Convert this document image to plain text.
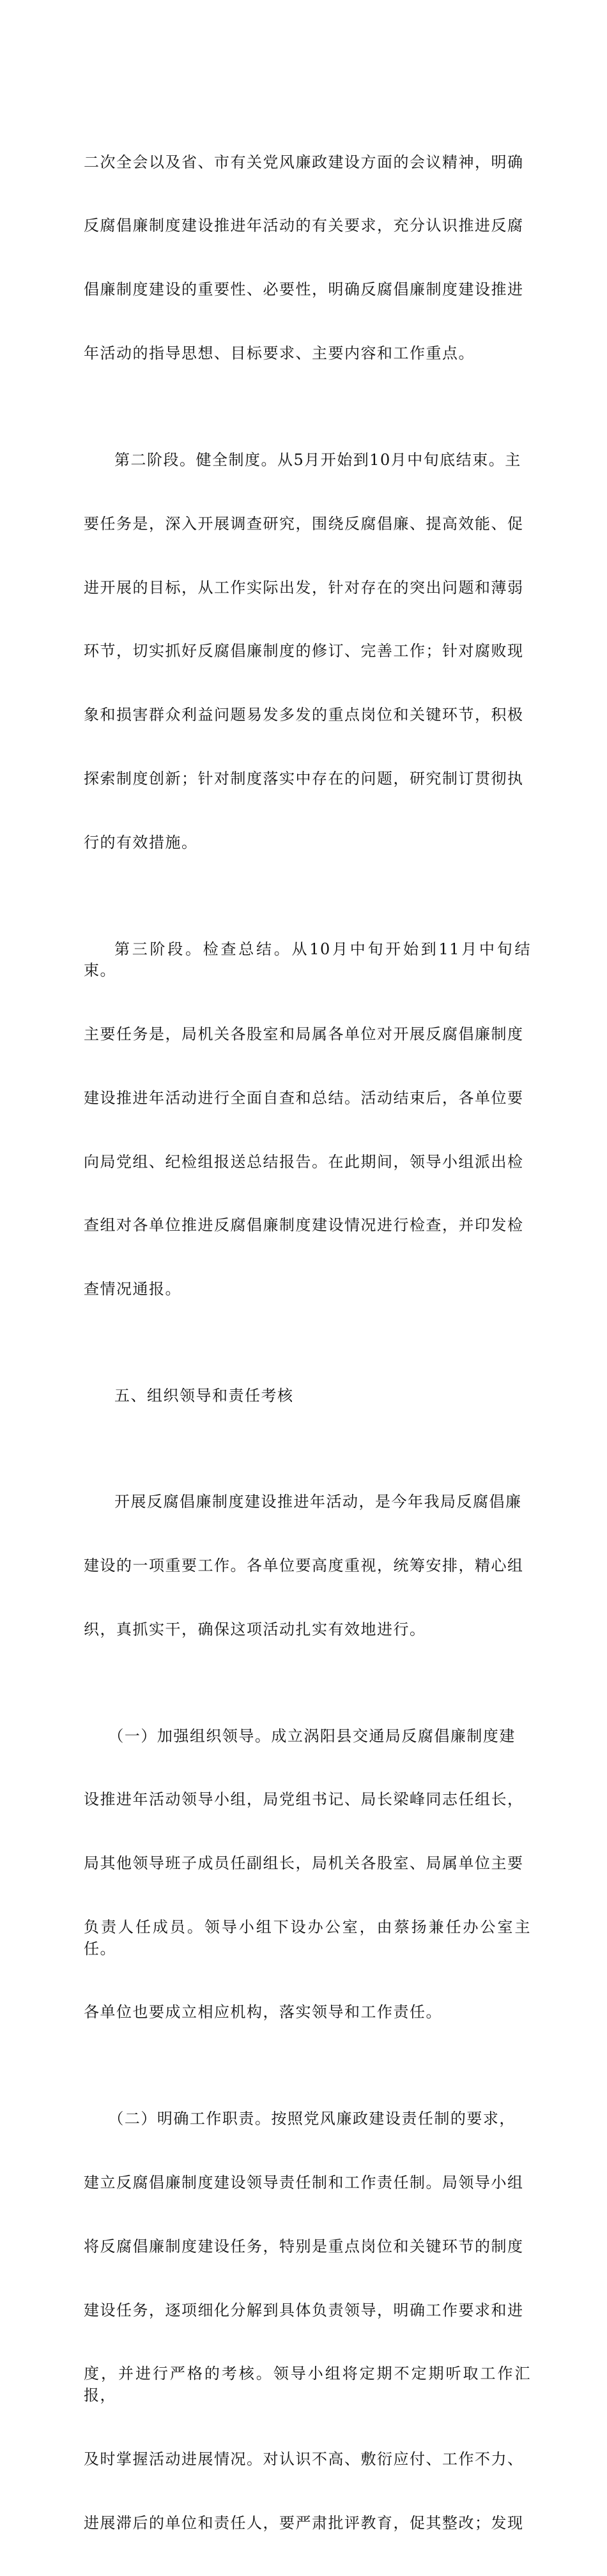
二次全会以及省、市有关党风廉政建设方面的会议精神，明确

反腐倡廉制度建设推进年活动的有关要求，充分认识推进反腐

倡廉制度建设的重要性、必要性，明确反腐倡廉制度建设推进

年活动的指导思想、目标要求、主要内容和工作重点。

第二阶段。健全制度。从5月开始到10月中旬底结束。主

要任务是，深入开展调查研究，围绕反腐倡廉、提高效能、促

进开展的目标，从工作实际出发，针对存在的突出问题和薄弱

环节，切实抓好反腐倡廉制度的修订、完善工作；针对腐败现

象和损害群众利益问题易发多发的重点岗位和关键环节，积极

探索制度创新；针对制度落实中存在的问题，研究制订贯彻执

行的有效措施。

第三阶段。检查总结。从10月中旬开始到11月中旬结束。

主要任务是，局机关各股室和局属各单位对开展反腐倡廉制度

建设推进年活动进行全面自查和总结。活动结束后，各单位要

向局党组、纪检组报送总结报告。在此期间，领导小组派出检

查组对各单位推进反腐倡廉制度建设情况进行检查，并印发检

查情况通报。

五、组织领导和责任考核

开展反腐倡廉制度建设推进年活动，是今年我局反腐倡廉

建设的一项重要工作。各单位要高度重视，统筹安排，精心组

织，真抓实干，确保这项活动扎实有效地进行。

（一）加强组织领导。成立涡阳县交通局反腐倡廉制度建

设推进年活动领导小组，局党组书记、局长梁峰同志任组长，

局其他领导班子成员任副组长，局机关各股室、局属单位主要

负责人任成员。领导小组下设办公室，由蔡扬兼任办公室主任。

各单位也要成立相应机构，落实领导和工作责任。

（二）明确工作职责。按照党风廉政建设责任制的要求，

建立反腐倡廉制度建设领导责任制和工作责任制。局领导小组

将反腐倡廉制度建设任务，特别是重点岗位和关键环节的制度

建设任务，逐项细化分解到具体负责领导，明确工作要求和进

度，并进行严格的考核。领导小组将定期不定期听取工作汇报，

及时掌握活动进展情况。对认识不高、敷衍应付、工作不力、

进展滞后的单位和责任人，要严肃批评教育，促其整改；发现
